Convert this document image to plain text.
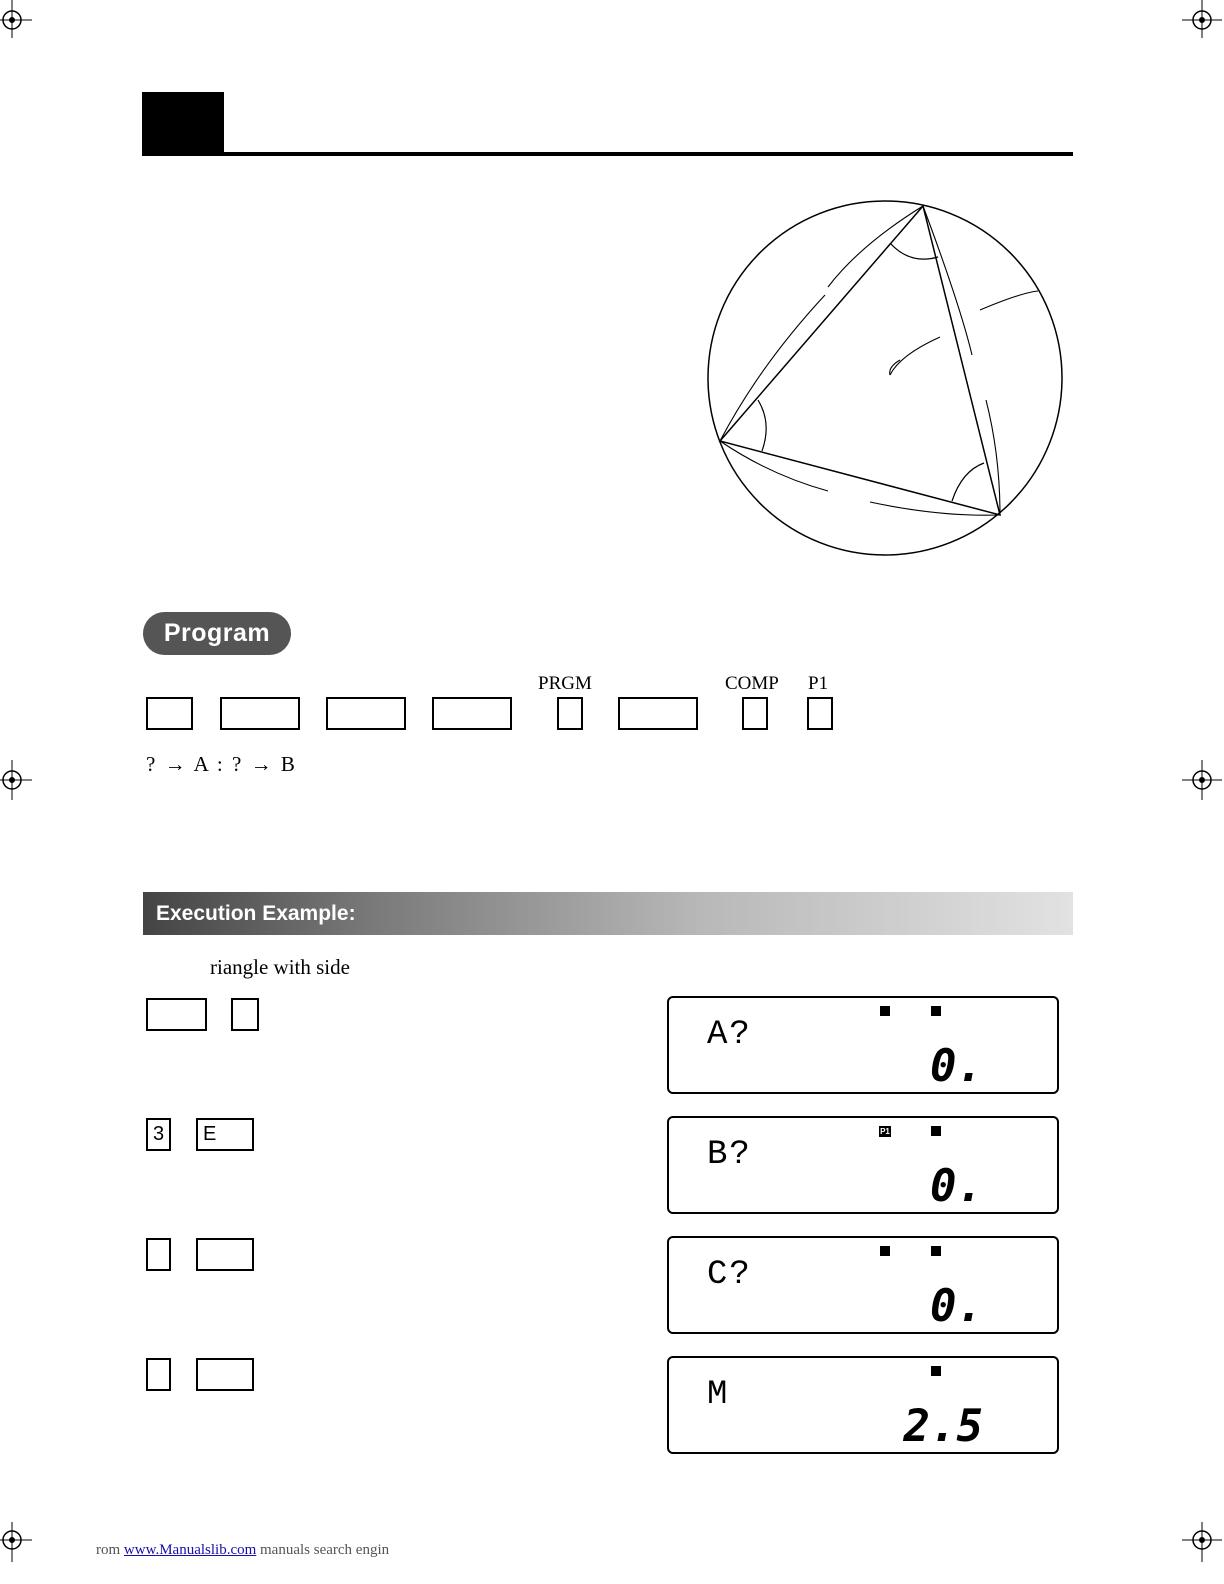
Program
PRGM	COMP P1
? → A : ? → B
Execution Example:
riangle with side
A?
0.
3	E	P1
B?
0.
C?
0.
M
2.5
rom www.Manualslib.com manuals search engin
